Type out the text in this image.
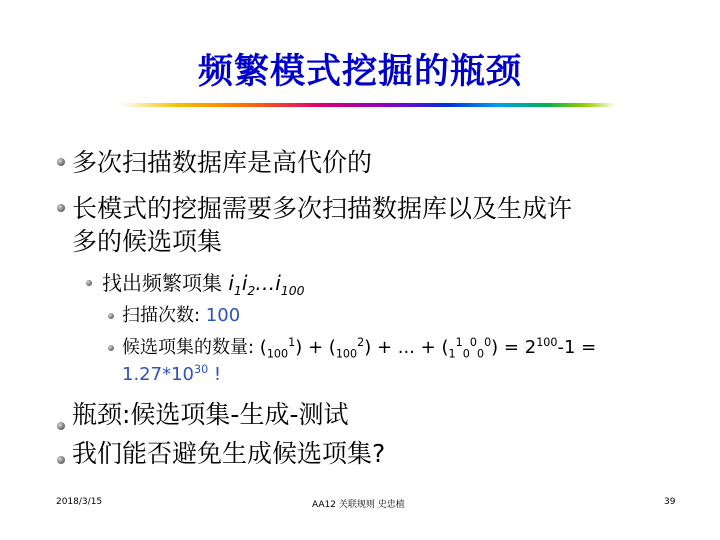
频繁模式挖掘的瓶颈
多次扫描数据库是高代价的
长模式的挖掘需要多次扫描数据库以及生成许
多的候选项集
找出频繁项集 $i_1i_2\dots i_{100}$
扫描次数: 100
候选项集的数量: $(_{100}^1) + (_{100}^2)$ + ... + $(_1^1_0^0_0^0) = 2^{100}-1$ =
$1.27*10^{30}$ !
瓶颈:候选项集-生成-测试
我们能否避免生成候选项集?
2018/3/15	AA12 关联规则 史忠植	39
